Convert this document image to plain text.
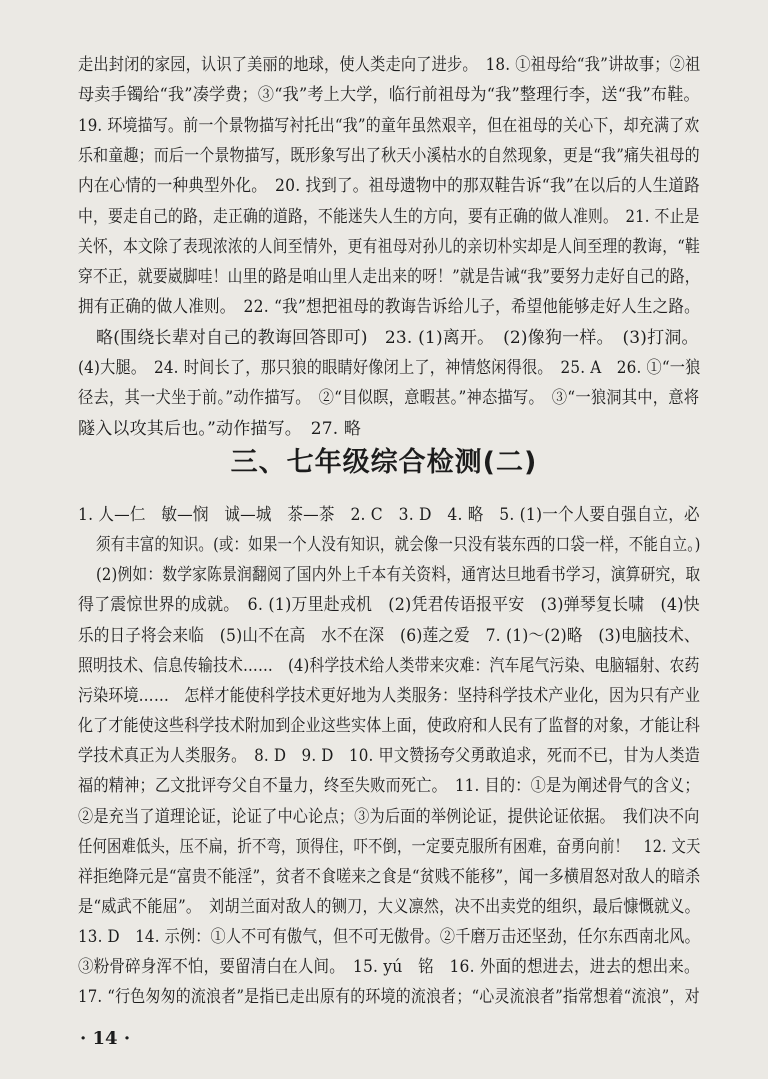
走出封闭的家园，认识了美丽的地球，使人类走向了进步。　18. ①祖母给“我”讲故事；②祖
母卖手镯给“我”凑学费；③“我”考上大学，临行前祖母为“我”整理行李，送“我”布鞋。
19. 环境描写。前一个景物描写衬托出“我”的童年虽然艰辛，但在祖母的关心下，却充满了欢
乐和童趣；而后一个景物描写，既形象写出了秋天小溪枯水的自然现象，更是“我”痛失祖母的
内在心情的一种典型外化。　20. 找到了。祖母遗物中的那双鞋告诉“我”在以后的人生道路
中，要走自己的路，走正确的道路，不能迷失人生的方向，要有正确的做人准则。　21. 不止是
关怀，本文除了表现浓浓的人间至情外，更有祖母对孙儿的亲切朴实却是人间至理的教诲，“鞋
穿不正，就要崴脚哇！山里的路是咱山里人走出来的呀！”就是告诫“我”要努力走好自己的路，
拥有正确的做人准则。　22. “我”想把祖母的教诲告诉给儿子，希望他能够走好人生之路。
略(围绕长辈对自己的教诲回答即可)　23. (1)离开。　(2)像狗一样。　(3)打洞。
(4)大腿。　24. 时间长了，那只狼的眼睛好像闭上了，神情悠闲得很。　25. A　26. ①“一狼
径去，其一犬坐于前。”动作描写。　②“目似瞑，意暇甚。”神态描写。　③“一狼洞其中，意将
隧入以攻其后也。”动作描写。　27. 略
三、七年级综合检测(二)
1. 人—仁　敏—悯　诚—城　茶—茶　2. C　3. D　4. 略　5. (1)一个人要自强自立，必
须有丰富的知识。(或：如果一个人没有知识，就会像一只没有装东西的口袋一样，不能自立。)
(2)例如：数学家陈景润翻阅了国内外上千本有关资料，通宵达旦地看书学习，演算研究，取
得了震惊世界的成就。　6. (1)万里赴戎机　(2)凭君传语报平安　(3)弹琴复长啸　(4)快
乐的日子将会来临　(5)山不在高　水不在深　(6)莲之爱　7. (1)～(2)略　(3)电脑技术、
照明技术、信息传输技术……　(4)科学技术给人类带来灾难：汽车尾气污染、电脑辐射、农药
污染环境……　怎样才能使科学技术更好地为人类服务：坚持科学技术产业化，因为只有产业
化了才能使这些科学技术附加到企业这些实体上面，使政府和人民有了监督的对象，才能让科
学技术真正为人类服务。　8. D　9. D　10. 甲文赞扬夸父勇敢追求，死而不已，甘为人类造
福的精神；乙文批评夸父自不量力，终至失败而死亡。　11. 目的：①是为阐述骨气的含义；
②是充当了道理论证，论证了中心论点；③为后面的举例论证，提供论证依据。　我们决不向
任何困难低头，压不扁，折不弯，顶得住，吓不倒，一定要克服所有困难，奋勇向前！　12. 文天
祥拒绝降元是“富贵不能淫”，贫者不食嗟来之食是“贫贱不能移”，闻一多横眉怒对敌人的暗杀
是“威武不能屈”。　刘胡兰面对敌人的铡刀，大义凛然，决不出卖党的组织，最后慷慨就义。
13. D　14. 示例：①人不可有傲气，但不可无傲骨。②千磨万击还坚劲，任尔东西南北风。
③粉骨碎身浑不怕，要留清白在人间。　15. yú　铭　16. 外面的想进去，进去的想出来。
17. “行色匆匆的流浪者”是指已走出原有的环境的流浪者；“心灵流浪者”指常想着“流浪”，对
· 14 ·
